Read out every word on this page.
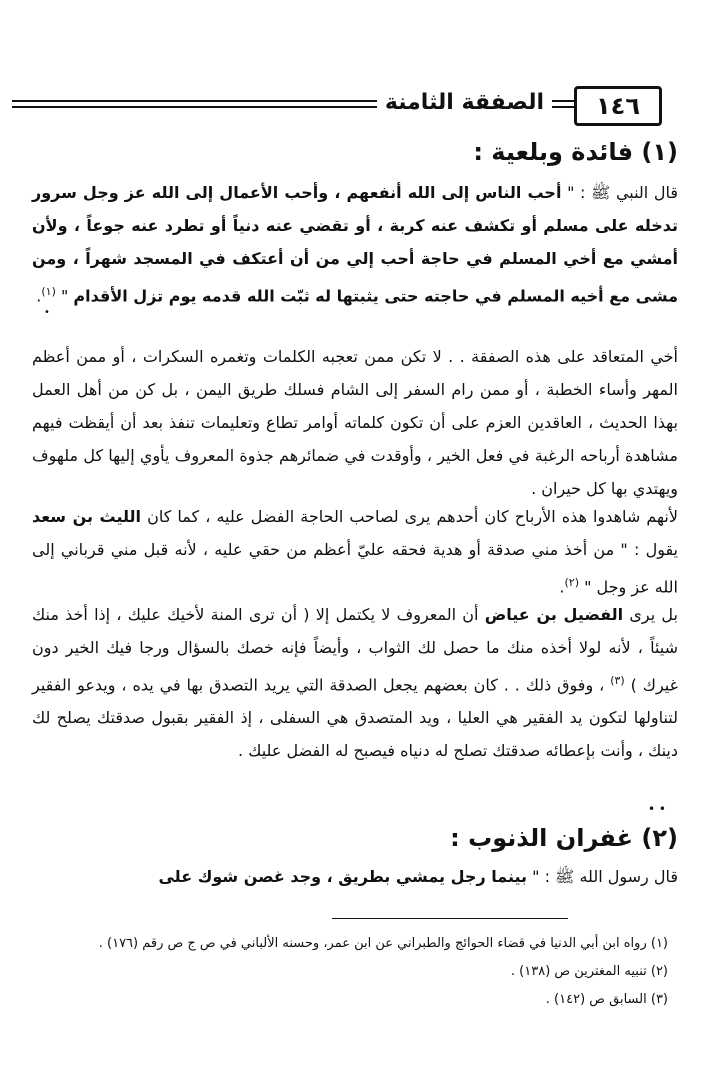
الصفقة الثامنة	١٤٦
(١) فائدة وبلعية :
قال النبي ﷺ : " أحب الناس إلى الله أنفعهم ، وأحب الأعمال إلى الله عز وجل سرور تدخله على مسلم أو تكشف عنه كربة ، أو تقضي عنه دنياً أو تطرد عنه جوعاً ، ولأن أمشي مع أخي المسلم في حاجة أحب إلي من أن أعتكف في المسجد شهراً ، ومن مشى مع أخيه المسلم في حاجته حتى يثبتها له ثبّت الله قدمه يوم تزل الأقدام " $^{(١)}$.
•
أخي المتعاقد على هذه الصفقة . . لا تكن ممن تعجبه الكلمات وتغمره السكرات ، أو ممن أعظم المهر وأساء الخطبة ، أو ممن رام السفر إلى الشام فسلك طريق اليمن ، بل كن من أهل العمل بهذا الحديث ، العاقدين العزم على أن تكون كلماته أوامر تطاع وتعليمات تنفذ بعد أن أيقظت فيهم مشاهدة أرباحه الرغبة في فعل الخير ، وأوقدت في ضمائرهم جذوة المعروف يأوي إليها كل ملهوف ويهتدي بها كل حيران .
لأنهم شاهدوا هذه الأرباح كان أحدهم يرى لصاحب الحاجة الفضل عليه ، كما كان الليث بن سعد يقول : " من أخذ مني صدقة أو هدية فحقه عليّ أعظم من حقي عليه ، لأنه قبل مني قرباني إلى الله عز وجل " $^{(٢)}$.
بل يرى الفضيل بن عياض أن المعروف لا يكتمل إلا ( أن ترى المنة لأخيك عليك ، إذا أخذ منك شيئاً ، لأنه لولا أخذه منك ما حصل لك الثواب ، وأيضاً فإنه خصك بالسؤال ورجا فيك الخير دون غيرك ) $^{(٣)}$ ، وفوق ذلك . . كان بعضهم يجعل الصدقة التي يريد التصدق بها في يده ، ويدعو الفقير لتناولها لتكون يد الفقير هي العليا ، ويد المتصدق هي السفلى ، إذ الفقير بقبول صدقتك يصلح لك دينك ، وأنت بإعطائه صدقتك تصلح له دنياه فيصبح له الفضل عليك .
• •
(٢) غفران الذنوب :
قال رسول الله ﷺ : " بينما رجل يمشي بطريق ، وجد غصن شوك على
(١) رواه ابن أبي الدنيا في قضاء الحوائج والطبراني عن ابن عمر، وحسنه الألباني في ص ج ص رقم (١٧٦) .
(٢) تنبيه المغترين ص (١٣٨) .
(٣) السابق ص (١٤٢) .
